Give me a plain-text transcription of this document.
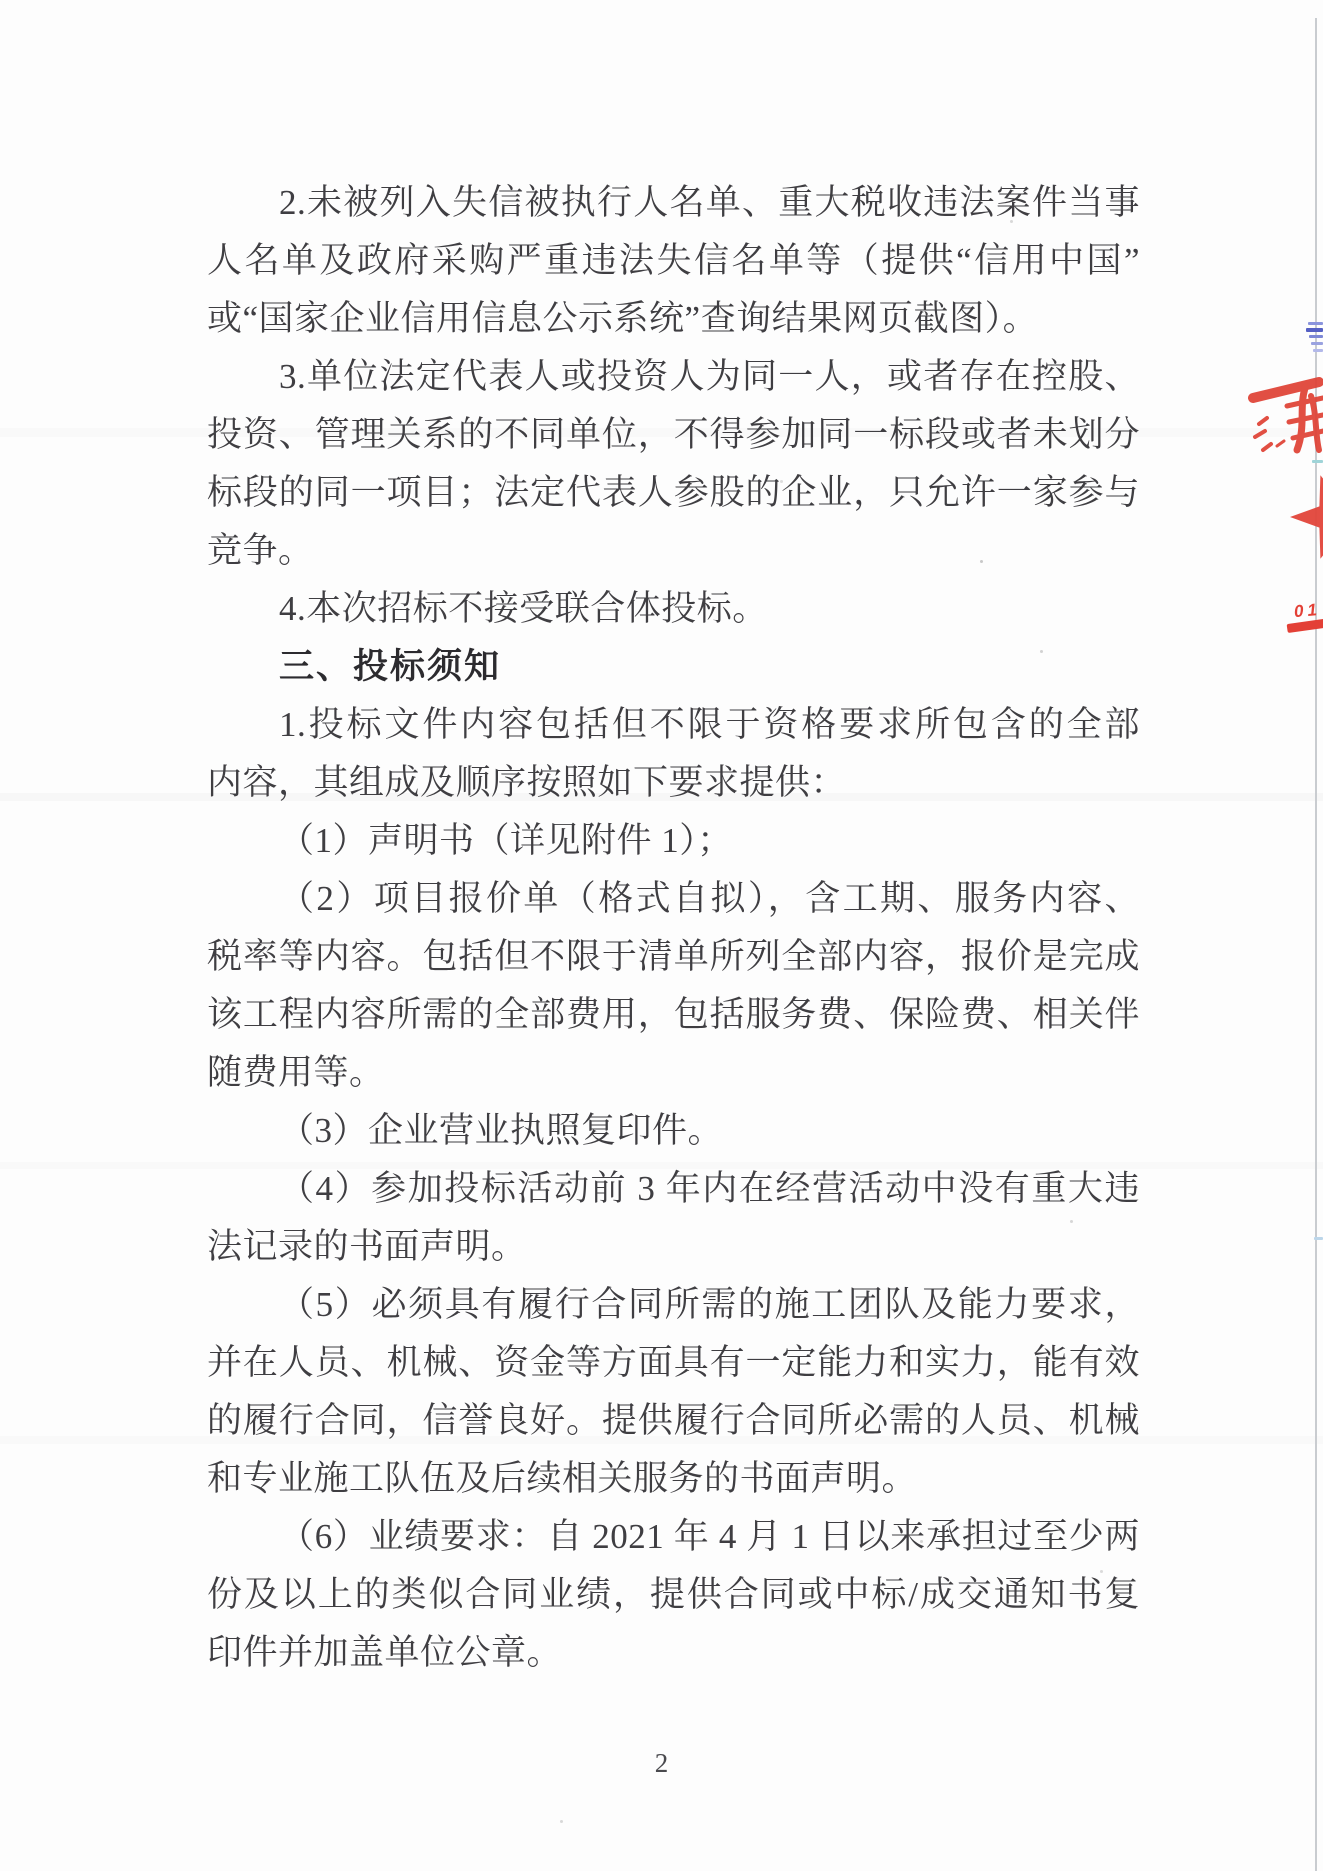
2.未被列入失信被执行人名单、重大税收违法案件当事
人名单及政府采购严重违法失信名单等（提供“信用中国”
或“国家企业信用信息公示系统”查询结果网页截图）。
3.单位法定代表人或投资人为同一人，或者存在控股、
投资、管理关系的不同单位，不得参加同一标段或者未划分
标段的同一项目；法定代表人参股的企业，只允许一家参与
竞争。
4.本次招标不接受联合体投标。
三、投标须知
1.投标文件内容包括但不限于资格要求所包含的全部
内容，其组成及顺序按照如下要求提供：
（1）声明书（详见附件 1）；
（2）项目报价单（格式自拟），含工期、服务内容、
税率等内容。包括但不限于清单所列全部内容，报价是完成
该工程内容所需的全部费用，包括服务费、保险费、相关伴
随费用等。
（3）企业营业执照复印件。
（4）参加投标活动前 3 年内在经营活动中没有重大违
法记录的书面声明。
（5）必须具有履行合同所需的施工团队及能力要求，
并在人员、机械、资金等方面具有一定能力和实力，能有效
的履行合同，信誉良好。提供履行合同所必需的人员、机械
和专业施工队伍及后续相关服务的书面声明。
（6）业绩要求：自 2021 年 4 月 1 日以来承担过至少两
份及以上的类似合同业绩，提供合同或中标/成交通知书复
印件并加盖单位公章。
2
01
